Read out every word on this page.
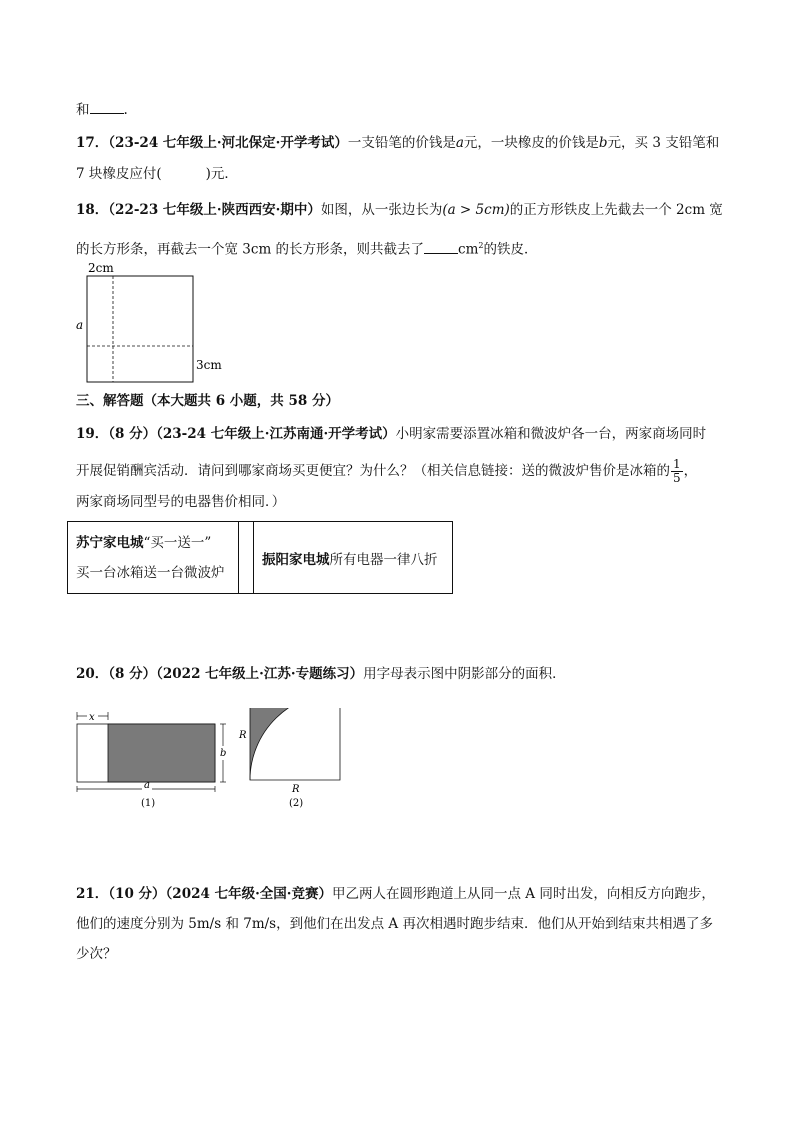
和	.
17．（23-24 七年级上·河北保定·开学考试）一支铅笔的价钱是a元，一块橡皮的价钱是b元，买 3 支铅笔和
7 块橡皮应付(	)元．
18．（22-23 七年级上·陕西西安·期中）如图，从一张边长为(a > 5cm)的正方形铁皮上先截去一个 2cm 宽
的长方形条，再截去一个宽 3cm 的长方形条，则共截去了	$cm^2$的铁皮．
2cm
a
3cm
三、解答题（本大题共 6 小题，共 58 分）
19．（8 分）（23-24 七年级上·江苏南通·开学考试）小明家需要添置冰箱和微波炉各一台，两家商场同时
开展促销酬宾活动．请问到哪家商场买更便宜？为什么？（相关信息链接：送的微波炉售价是冰箱的 $\frac{1}{5}$ ，
两家商场同型号的电器售价相同．）
苏宁家电城“买一送一”
买一台冰箱送一台微波炉		振阳家电城所有电器一律八折
20．（8 分）（2022 七年级上·江苏·专题练习）用字母表示图中阴影部分的面积．
x
b
a
(1)
R
R
(2)
21．（10 分）（2024 七年级·全国·竞赛）甲乙两人在圆形跑道上从同一点 A 同时出发，向相反方向跑步，
他们的速度分别为 5m/s 和 7m/s，到他们在出发点 A 再次相遇时跑步结束．他们从开始到结束共相遇了多
少次？
